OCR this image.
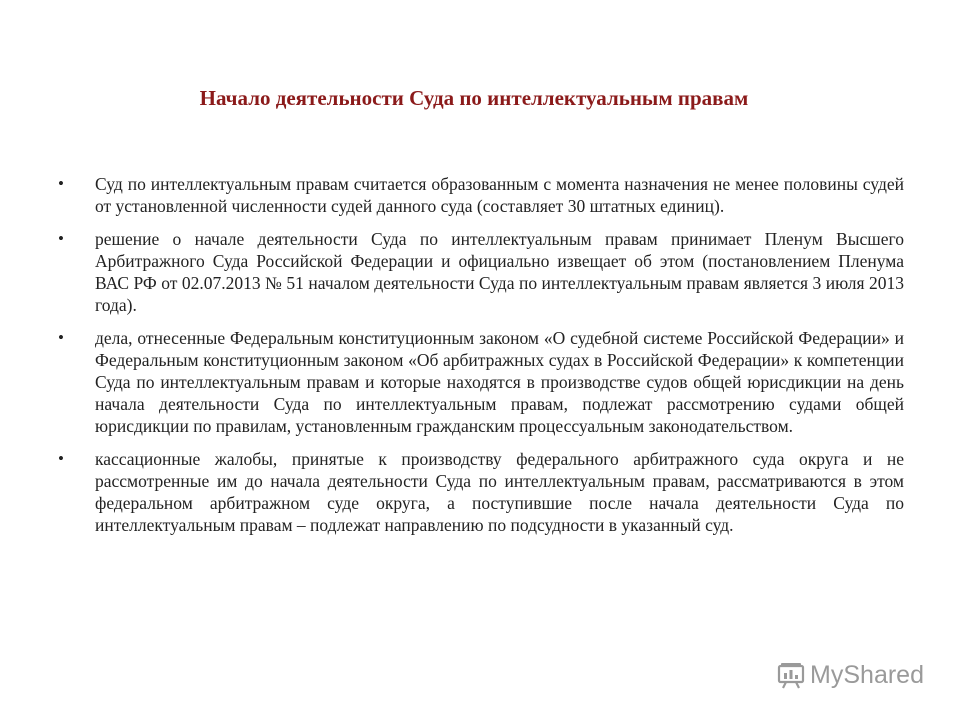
Начало деятельности Суда по интеллектуальным правам
•	Суд по интеллектуальным правам считается образованным с момента назначения не менее половины судей от установленной численности судей данного суда (составляет 30 штатных единиц).
•	решение о начале деятельности Суда по интеллектуальным правам принимает Пленум Высшего Арбитражного Суда Российской Федерации и официально извещает об этом (постановлением Пленума ВАС РФ от 02.07.2013 № 51 началом деятельности Суда по интеллектуальным правам является 3 июля 2013 года).
•	дела, отнесенные Федеральным конституционным законом «О судебной системе Российской Федерации» и Федеральным конституционным законом «Об арбитражных судах в Российской Федерации» к компетенции Суда по интеллектуальным правам и которые находятся в производстве судов общей юрисдикции на день начала деятельности Суда по интеллектуальным правам, подлежат рассмотрению судами общей юрисдикции по правилам, установленным гражданским процессуальным законодательством.
•	кассационные жалобы, принятые к производству федерального арбитражного суда округа и не рассмотренные им до начала деятельности Суда по интеллектуальным правам, рассматриваются в этом федеральном арбитражном суде округа, а поступившие после начала деятельности Суда по интеллектуальным правам – подлежат направлению по подсудности в указанный суд.
MyShared
